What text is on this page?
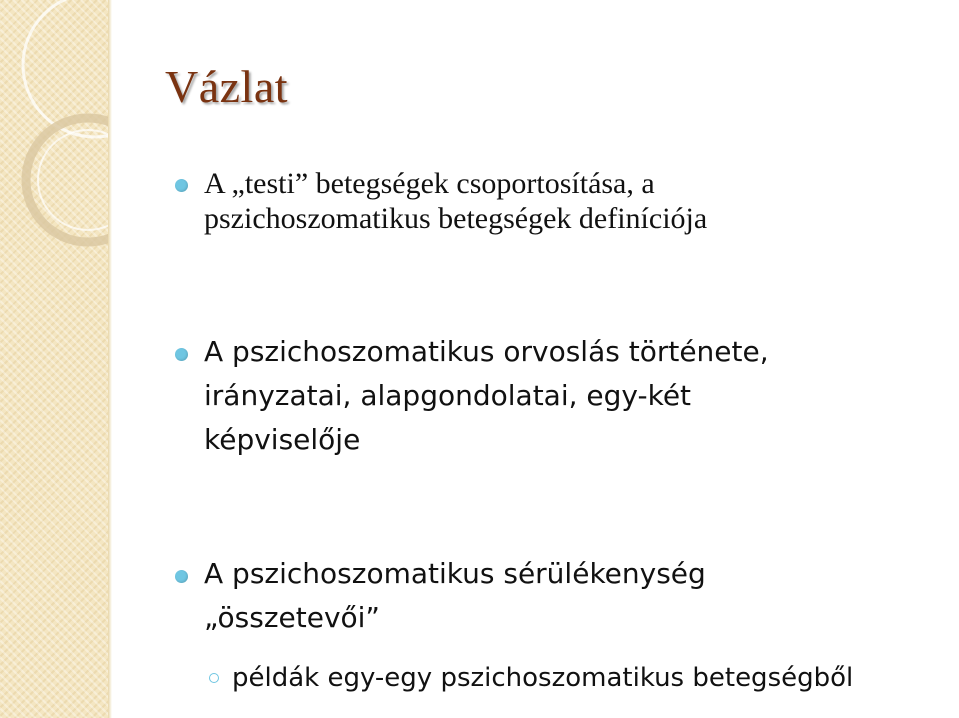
Vázlat
A „testi” betegségek csoportosítása, a
pszichoszomatikus betegségek definíciója
A pszichoszomatikus orvoslás története,
irányzatai, alapgondolatai, egy-két
képviselője
A pszichoszomatikus sérülékenység
„összetevői”
példák egy-egy pszichoszomatikus betegségből
